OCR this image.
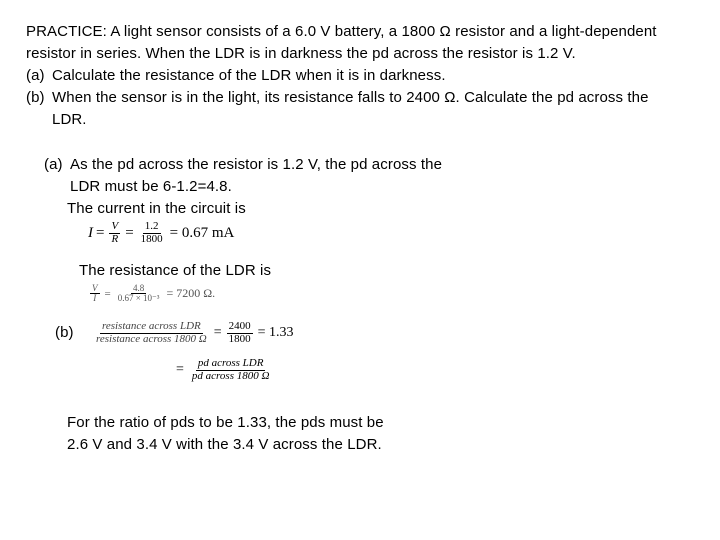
PRACTICE: A light sensor consists of a 6.0 V battery, a 1800 Ω resistor and a light-dependent
resistor in series. When the LDR is in darkness the pd across the resistor is 1.2 V.
(a) Calculate the resistance of the LDR when it is in darkness.
(b) When the sensor is in the light, its resistance falls to 2400 Ω. Calculate the pd across the
LDR.
(a) As the pd across the resistor is 1.2 V, the pd across the
LDR must be 6-1.2=4.8.
The current in the circuit is
$I = \frac{V}{R} = \frac{1.2}{1800} = 0.67$ mA
The resistance of the LDR is
$\frac{V}{I} = \frac{4.8}{\text{0.67 × 10⁻³}} = 7200$ Ω.
$(b) \frac{\text{resistance across LDR}}{\text{resistance across 1800 Ω}} = \frac{2400}{1800} = 1.33$
= $\frac{\text{pd across LDR}}{\text{pd across 1800 Ω}}$
For the ratio of pds to be 1.33, the pds must be
2.6 V and 3.4 V with the 3.4 V across the LDR.
